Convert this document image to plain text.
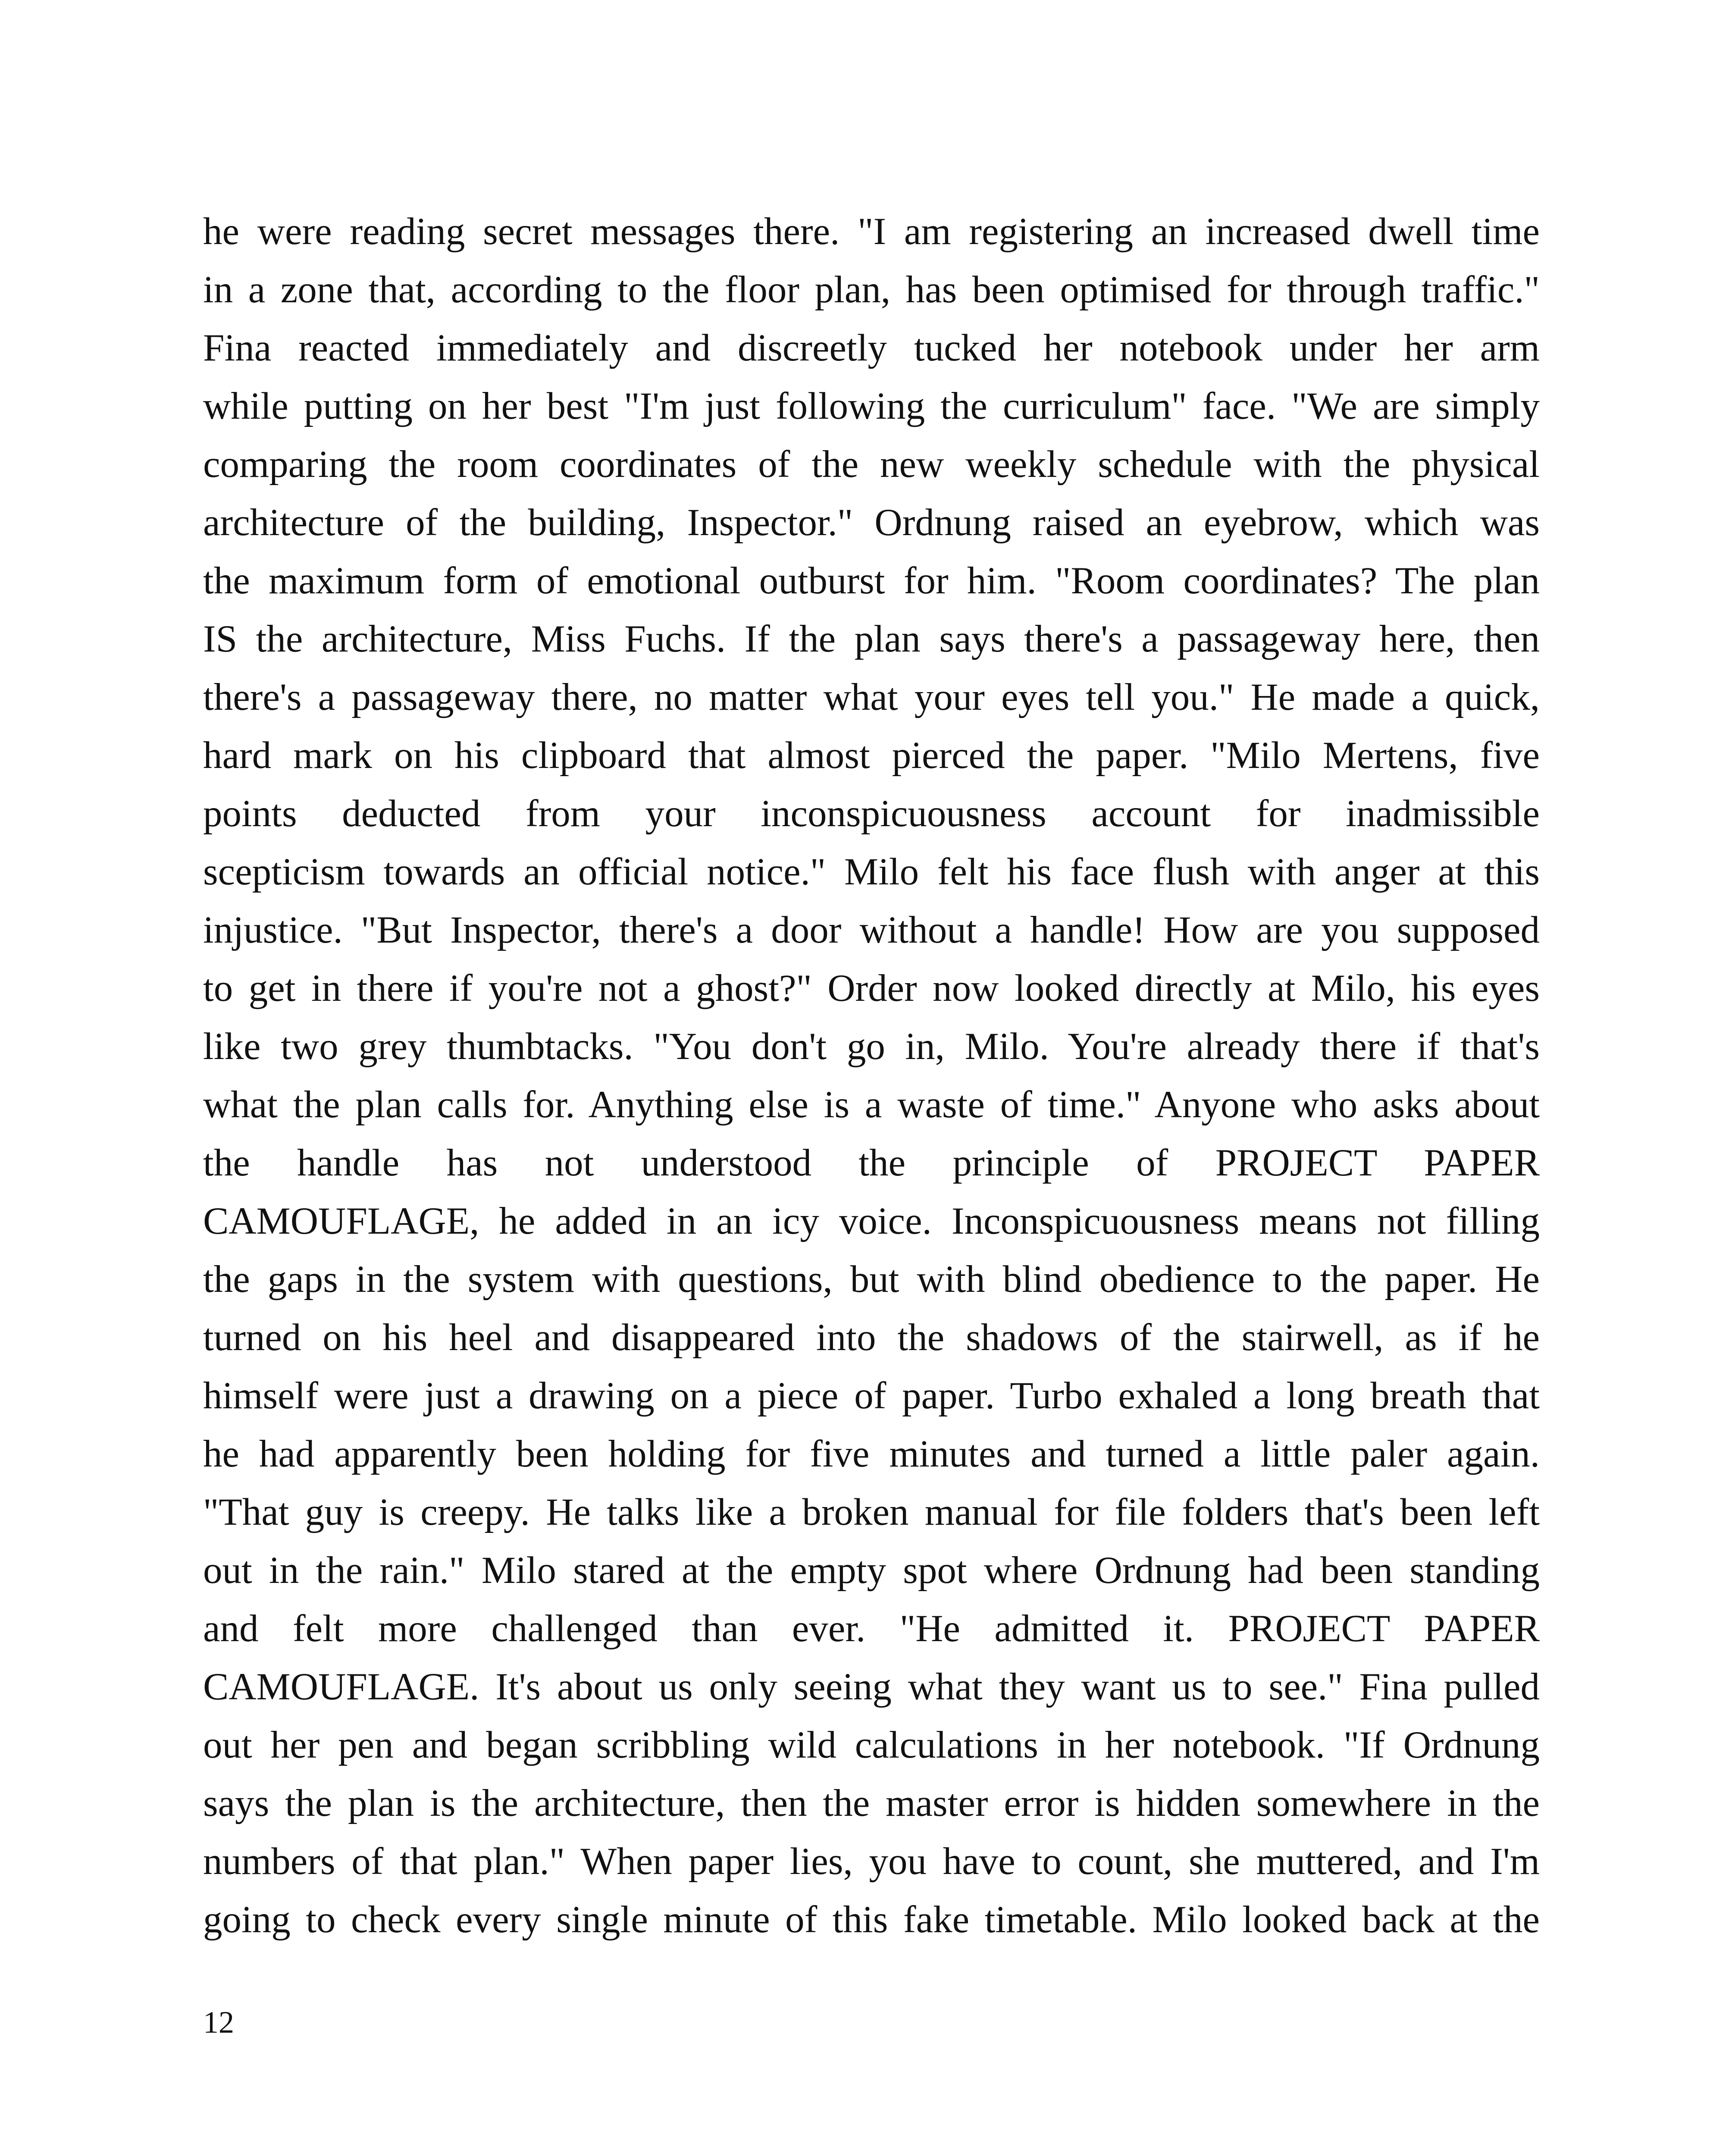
he were reading secret messages there. "I am registering an increased dwell time
in a zone that, according to the floor plan, has been optimised for through traffic."
Fina reacted immediately and discreetly tucked her notebook under her arm
while putting on her best "I'm just following the curriculum" face. "We are simply
comparing the room coordinates of the new weekly schedule with the physical
architecture of the building, Inspector." Ordnung raised an eyebrow, which was
the maximum form of emotional outburst for him. "Room coordinates? The plan
IS the architecture, Miss Fuchs. If the plan says there's a passageway here, then
there's a passageway there, no matter what your eyes tell you." He made a quick,
hard mark on his clipboard that almost pierced the paper. "Milo Mertens, five
points deducted from your inconspicuousness account for inadmissible
scepticism towards an official notice." Milo felt his face flush with anger at this
injustice. "But Inspector, there's a door without a handle! How are you supposed
to get in there if you're not a ghost?" Order now looked directly at Milo, his eyes
like two grey thumbtacks. "You don't go in, Milo. You're already there if that's
what the plan calls for. Anything else is a waste of time." Anyone who asks about
the handle has not understood the principle of PROJECT PAPER
CAMOUFLAGE, he added in an icy voice. Inconspicuousness means not filling
the gaps in the system with questions, but with blind obedience to the paper. He
turned on his heel and disappeared into the shadows of the stairwell, as if he
himself were just a drawing on a piece of paper. Turbo exhaled a long breath that
he had apparently been holding for five minutes and turned a little paler again.
"That guy is creepy. He talks like a broken manual for file folders that's been left
out in the rain." Milo stared at the empty spot where Ordnung had been standing
and felt more challenged than ever. "He admitted it. PROJECT PAPER
CAMOUFLAGE. It's about us only seeing what they want us to see." Fina pulled
out her pen and began scribbling wild calculations in her notebook. "If Ordnung
says the plan is the architecture, then the master error is hidden somewhere in the
numbers of that plan." When paper lies, you have to count, she muttered, and I'm
going to check every single minute of this fake timetable. Milo looked back at the
12
